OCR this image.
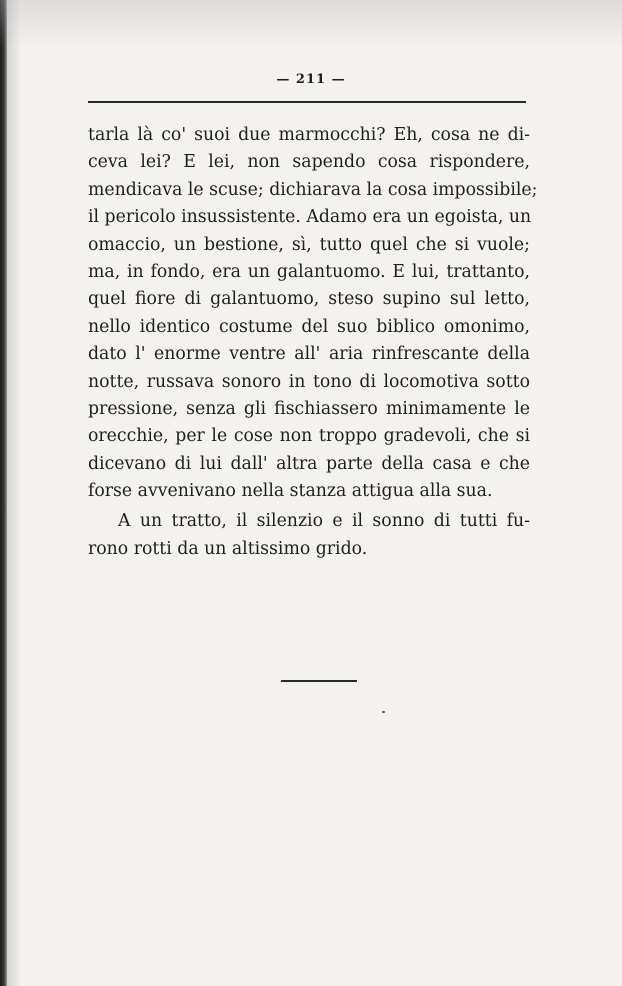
— 211 —
tarla là co' suoi due marmocchi? Eh, cosa ne di-
ceva lei? E lei, non sapendo cosa rispondere,
mendicava le scuse; dichiarava la cosa impossibile;
il pericolo insussistente. Adamo era un egoista, un
omaccio, un bestione, sì, tutto quel che si vuole;
ma, in fondo, era un galantuomo. E lui, trattanto,
quel fiore di galantuomo, steso supino sul letto,
nello identico costume del suo biblico omonimo,
dato l' enorme ventre all' aria rinfrescante della
notte, russava sonoro in tono di locomotiva sotto
pressione, senza gli fischiassero minimamente le
orecchie, per le cose non troppo gradevoli, che si
dicevano di lui dall' altra parte della casa e che
forse avvenivano nella stanza attigua alla sua.
A un tratto, il silenzio e il sonno di tutti fu-
rono rotti da un altissimo grido.
